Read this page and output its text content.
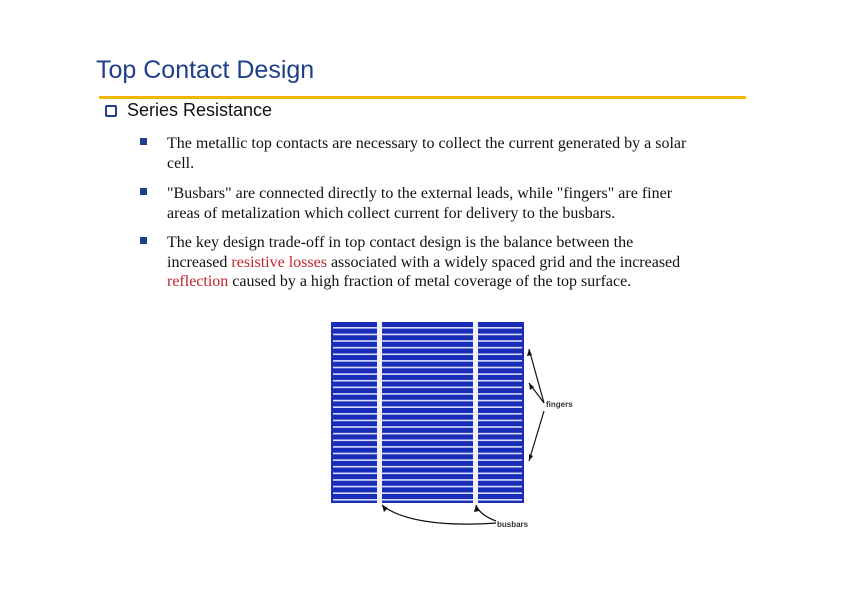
Top Contact Design
Series Resistance
The metallic top contacts are necessary to collect the current generated by a solar
cell.
"Busbars" are connected directly to the external leads, while "fingers" are finer
areas of metalization which collect current for delivery to the busbars.
The key design trade-off in top contact design is the balance between the
increased resistive losses associated with a widely spaced grid and the increased
reflection caused by a high fraction of metal coverage of the top surface.
fingers
busbars
